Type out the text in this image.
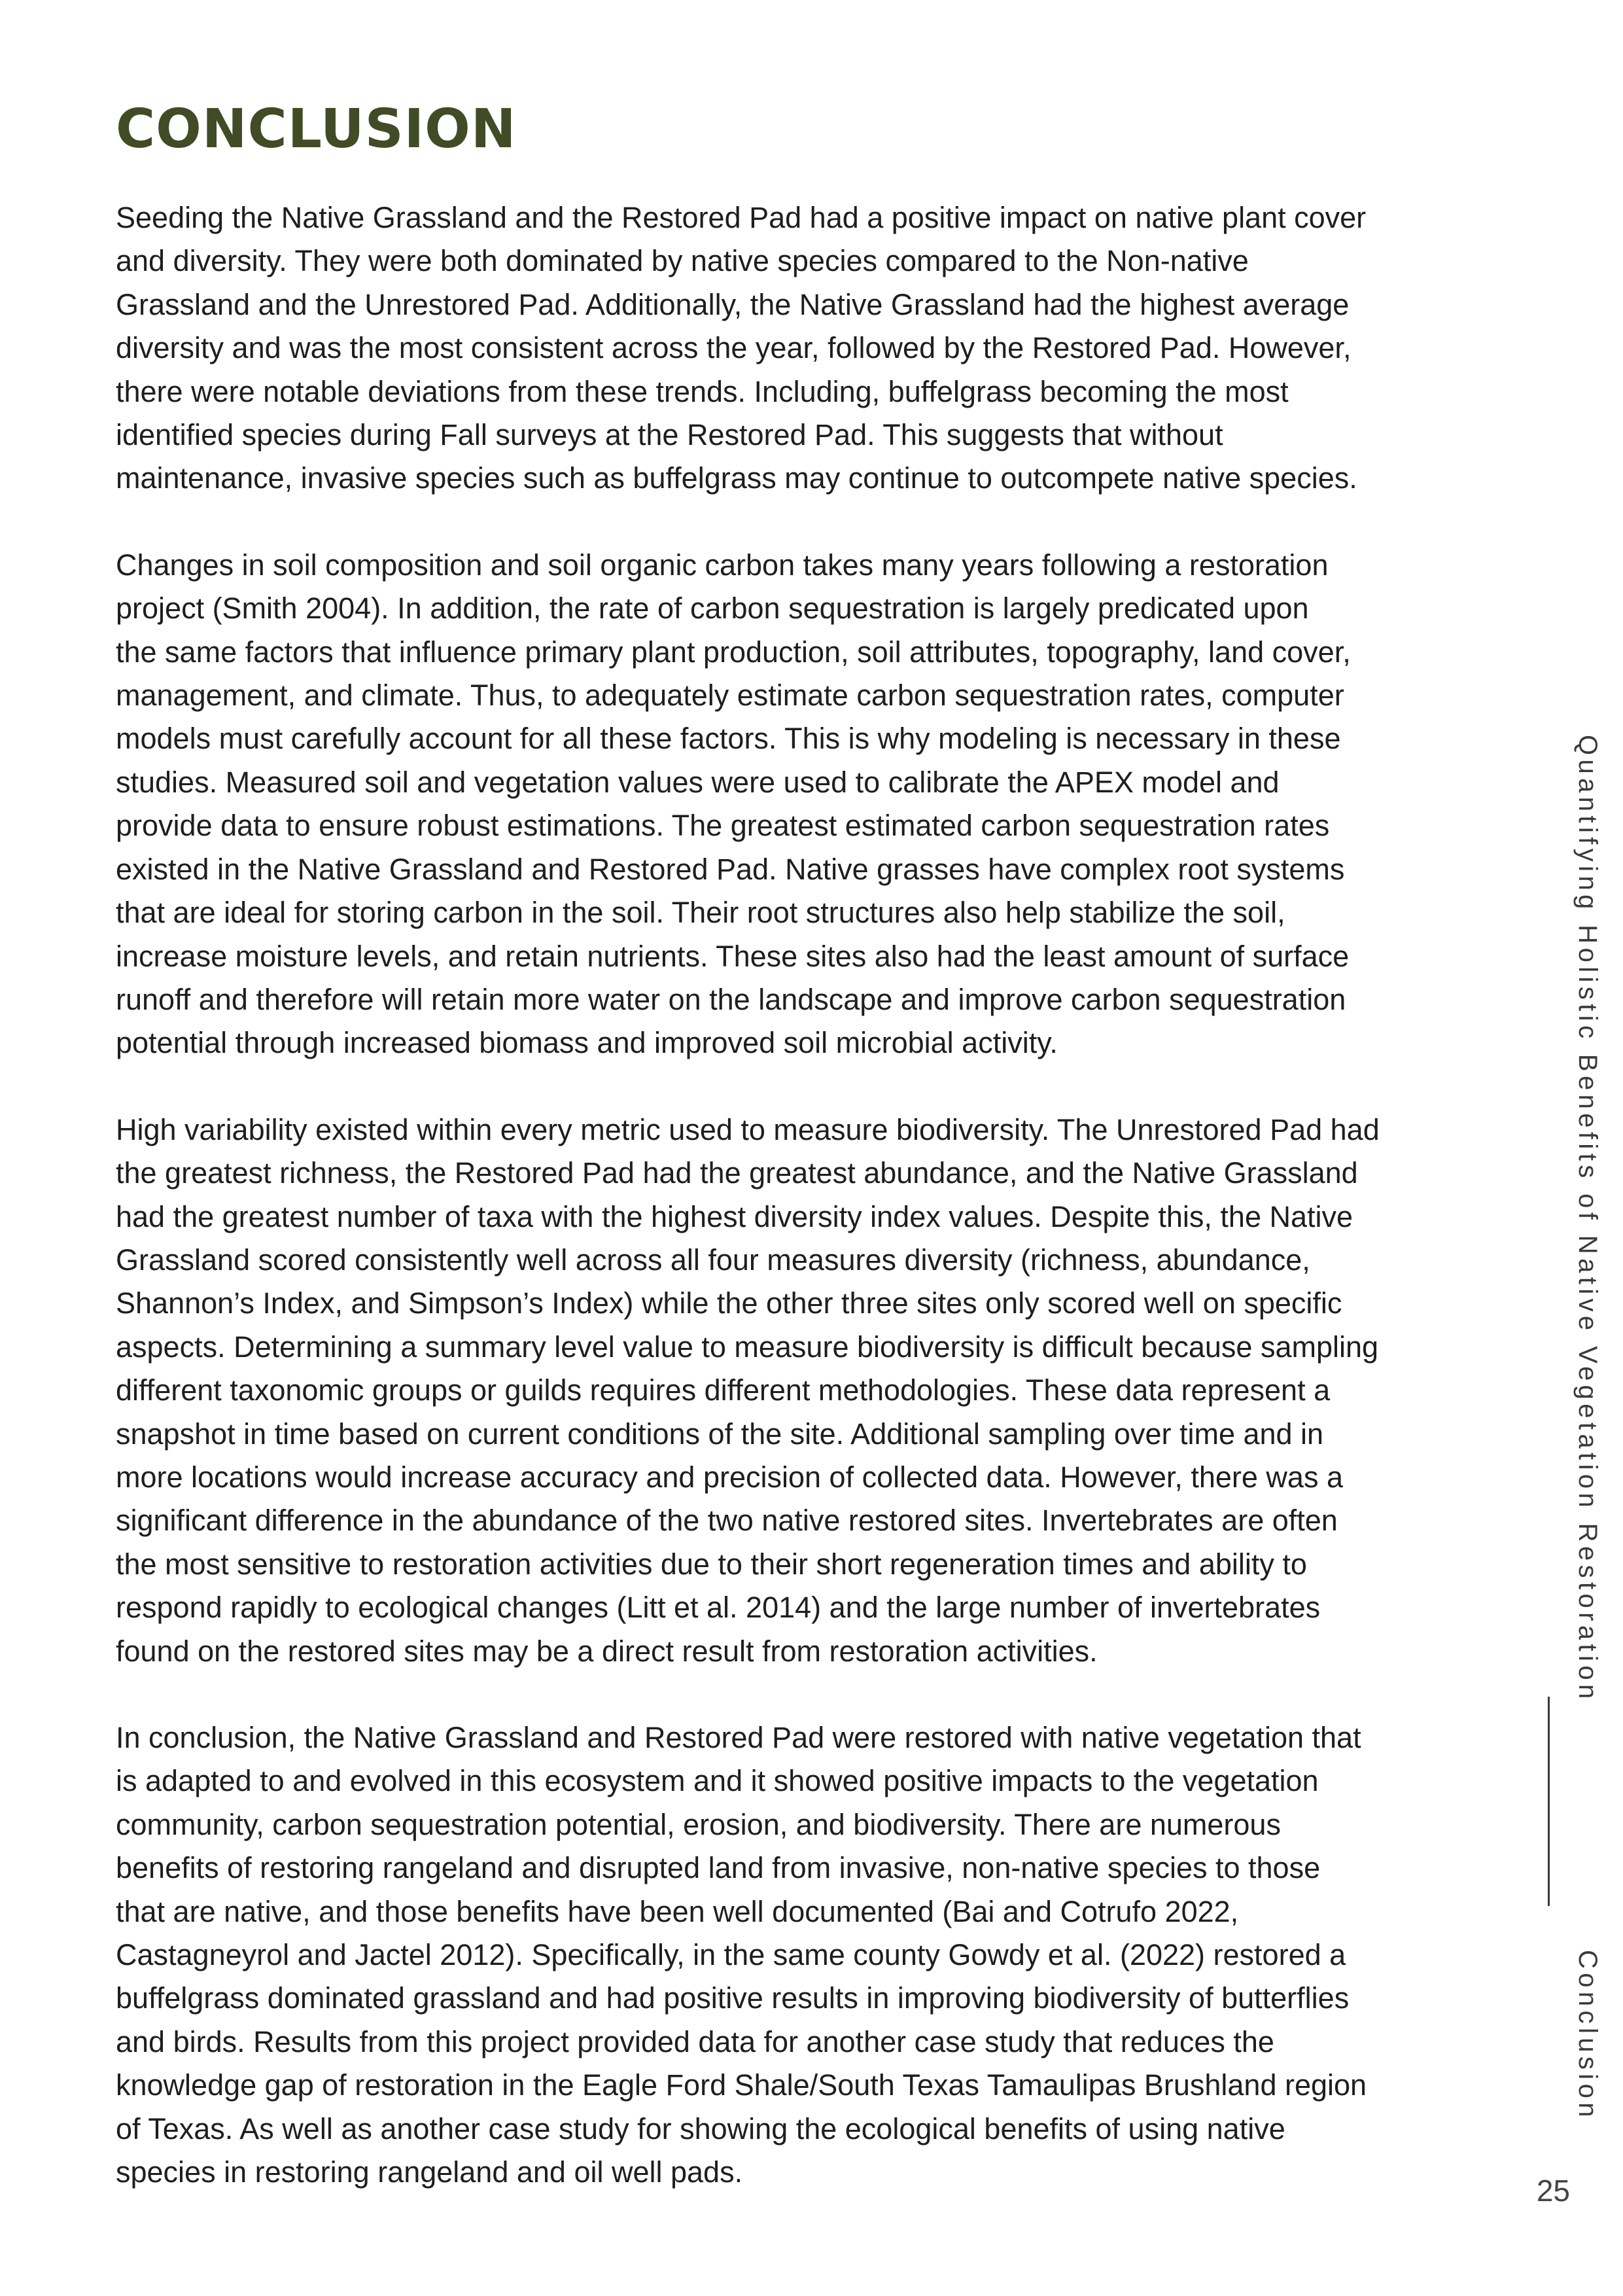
CONCLUSION

Seeding the Native Grassland and the Restored Pad had a positive impact on native plant cover
and diversity. They were both dominated by native species compared to the Non-native
Grassland and the Unrestored Pad. Additionally, the Native Grassland had the highest average
diversity and was the most consistent across the year, followed by the Restored Pad. However,
there were notable deviations from these trends. Including, buffelgrass becoming the most
identified species during Fall surveys at the Restored Pad. This suggests that without
maintenance, invasive species such as buffelgrass may continue to outcompete native species.

Changes in soil composition and soil organic carbon takes many years following a restoration
project (Smith 2004). In addition, the rate of carbon sequestration is largely predicated upon
the same factors that influence primary plant production, soil attributes, topography, land cover,
management, and climate. Thus, to adequately estimate carbon sequestration rates, computer
models must carefully account for all these factors. This is why modeling is necessary in these
studies. Measured soil and vegetation values were used to calibrate the APEX model and
provide data to ensure robust estimations. The greatest estimated carbon sequestration rates
existed in the Native Grassland and Restored Pad. Native grasses have complex root systems
that are ideal for storing carbon in the soil. Their root structures also help stabilize the soil,
increase moisture levels, and retain nutrients. These sites also had the least amount of surface
runoff and therefore will retain more water on the landscape and improve carbon sequestration
potential through increased biomass and improved soil microbial activity.

High variability existed within every metric used to measure biodiversity. The Unrestored Pad had
the greatest richness, the Restored Pad had the greatest abundance, and the Native Grassland
had the greatest number of taxa with the highest diversity index values. Despite this, the Native
Grassland scored consistently well across all four measures diversity (richness, abundance,
Shannon’s Index, and Simpson’s Index) while the other three sites only scored well on specific
aspects. Determining a summary level value to measure biodiversity is difficult because sampling
different taxonomic groups or guilds requires different methodologies. These data represent a
snapshot in time based on current conditions of the site. Additional sampling over time and in
more locations would increase accuracy and precision of collected data. However, there was a
significant difference in the abundance of the two native restored sites. Invertebrates are often
the most sensitive to restoration activities due to their short regeneration times and ability to
respond rapidly to ecological changes (Litt et al. 2014) and the large number of invertebrates
found on the restored sites may be a direct result from restoration activities.

In conclusion, the Native Grassland and Restored Pad were restored with native vegetation that
is adapted to and evolved in this ecosystem and it showed positive impacts to the vegetation
community, carbon sequestration potential, erosion, and biodiversity. There are numerous
benefits of restoring rangeland and disrupted land from invasive, non-native species to those
that are native, and those benefits have been well documented (Bai and Cotrufo 2022,
Castagneyrol and Jactel 2012). Specifically, in the same county Gowdy et al. (2022) restored a
buffelgrass dominated grassland and had positive results in improving biodiversity of butterflies
and birds. Results from this project provided data for another case study that reduces the
knowledge gap of restoration in the Eagle Ford Shale/South Texas Tamaulipas Brushland region
of Texas. As well as another case study for showing the ecological benefits of using native
species in restoring rangeland and oil well pads.

Quantifying Holistic Benefits of Native Vegetation Restoration
Conclusion
25
